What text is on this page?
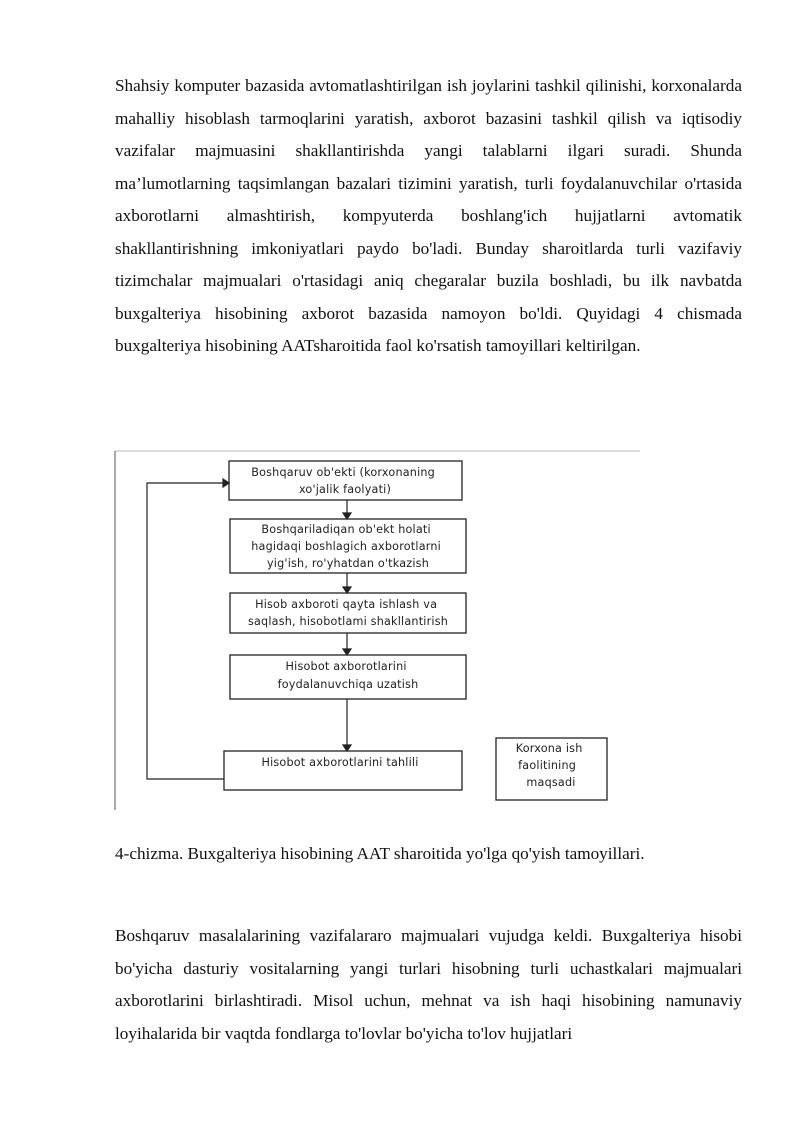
Shahsiy komputer bazasida avtomatlashtirilgan ish joylarini tashkil qilinishi, korxonalarda mahalliy hisoblash tarmoqlarini yaratish, axborot bazasini tashkil qilish va iqtisodiy vazifalar majmuasini shakllantirishda yangi talablarni ilgari suradi. Shunda ma’lumotlarning taqsimlangan bazalari tizimini yaratish, turli foydalanuvchilar o'rtasida axborotlarni almashtirish, kompyuterda boshlang'ich hujjatlarni avtomatik shakllantirishning imkoniyatlari paydo bo'ladi. Bunday sharoitlarda turli vazifaviy tizimchalar majmualari o'rtasidagi aniq chegaralar buzila boshladi, bu ilk navbatda buxgalteriya hisobining axborot bazasida namoyon bo'ldi. Quyidagi 4 chismada buxgalteriya hisobining AATsharoitida faol ko'rsatish tamoyillari keltirilgan.

Boshqaruv ob'ekti (korxonaning xo'jalik faolyati)
Boshqariladiqan ob'ekt holati hagidaqi boshlagich axborotlarni yig'ish, ro'yhatdan o'tkazish
Hisob axboroti qayta ishlash va saqlash, hisobotlami shakllantirish
Hisobot axborotlarini foydalanuvchiqa uzatish
Hisobot axborotlarini tahlili
Korxona ish faolitining maqsadi

4-chizma. Buxgalteriya hisobining AAT sharoitida yo'lga qo'yish tamoyillari.

Boshqaruv masalalarining vazifalararo majmualari vujudga keldi. Buxgalteriya hisobi bo'yicha dasturiy vositalarning yangi turlari hisobning turli uchastkalari majmualari axborotlarini birlashtiradi. Misol uchun, mehnat va ish haqi hisobining namunaviy loyihalarida bir vaqtda fondlarga to'lovlar bo'yicha to'lov hujjatlari
